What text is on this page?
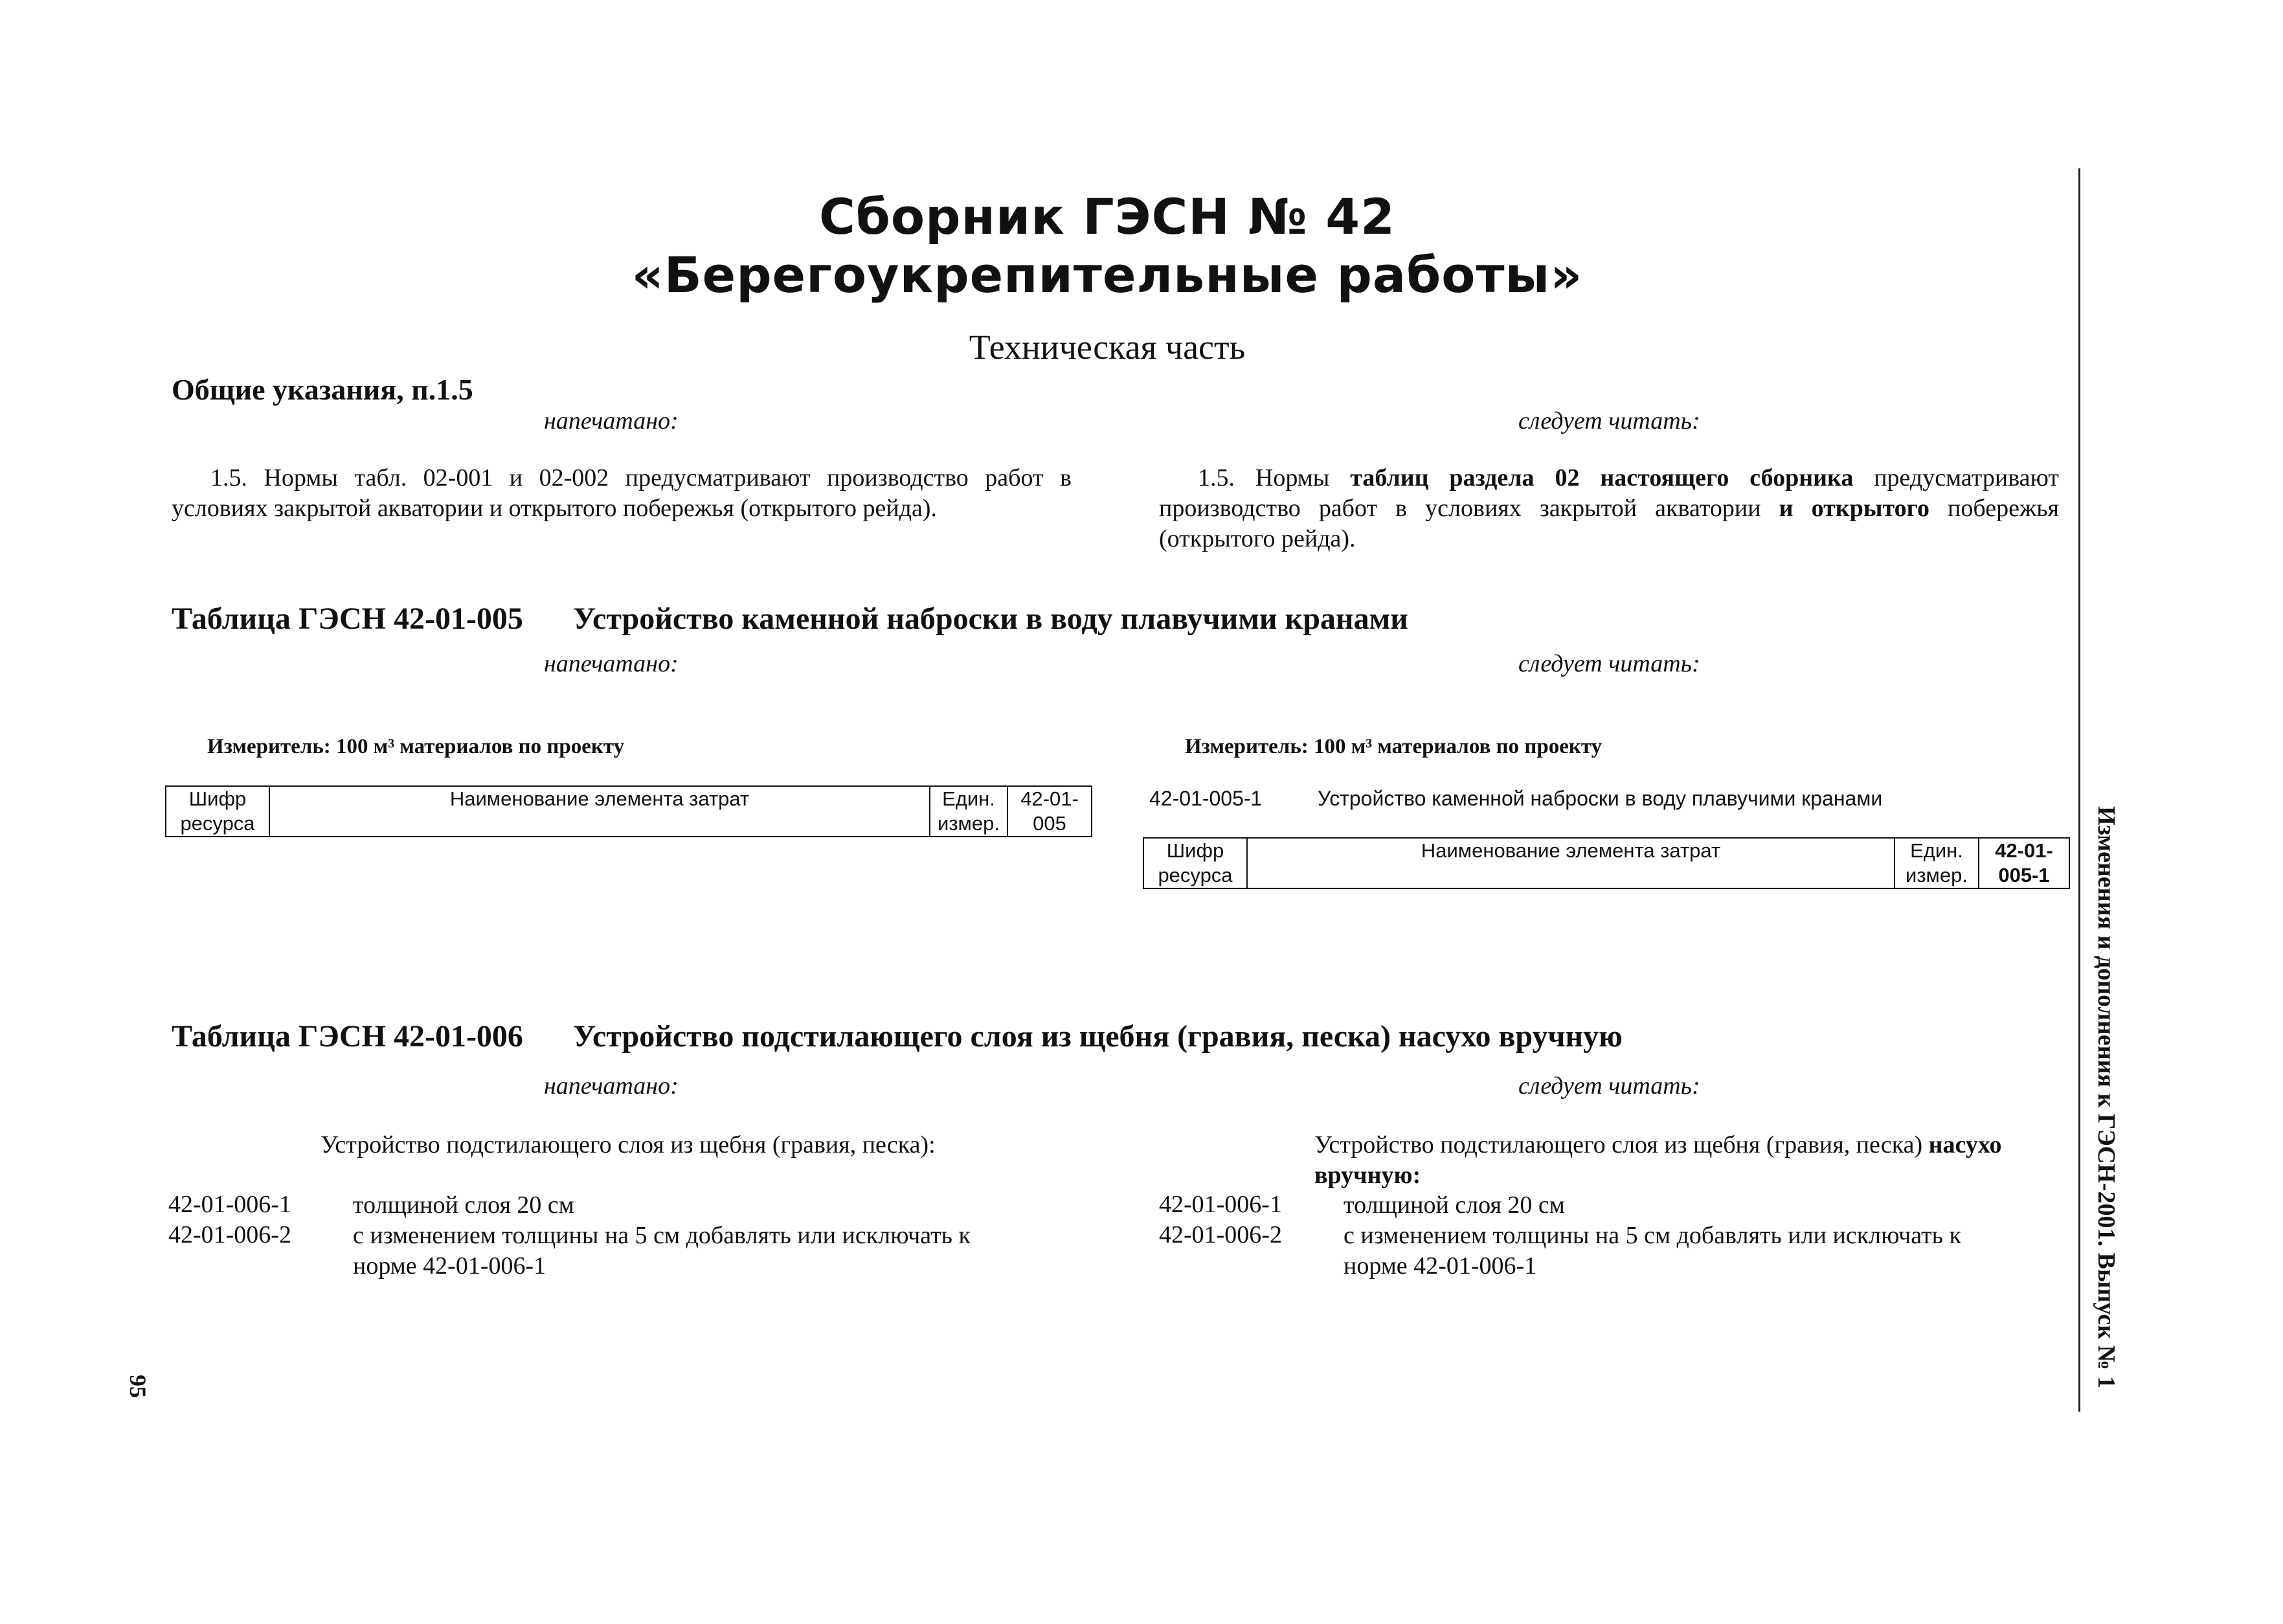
Сборник ГЭСН № 42
«Берегоукрепительные работы»
Техническая часть
Общие указания, п.1.5
напечатано:	следует читать:
1.5. Нормы табл. 02-001 и 02-002 предусматривают производство работ в условиях закрытой акватории и открытого побережья (открытого рейда).
1.5. Нормы таблиц раздела 02 настоящего сборника предусматривают производство работ в условиях закрытой акватории и открытого побережья (открытого рейда).
Таблица ГЭСН 42-01-005 Устройство каменной наброски в воду плавучими кранами
напечатано:	следует читать:
Измеритель: 100 м³ материалов по проекту	Измеритель: 100 м³ материалов по проекту
Шифр ресурса	Наименование элемента затрат	Един. измер.	42-01-005
42-01-005-1	Устройство каменной наброски в воду плавучими кранами
Шифр ресурса	Наименование элемента затрат	Един. измер.	42-01-005-1
Таблица ГЭСН 42-01-006 Устройство подстилающего слоя из щебня (гравия, песка) насухо вручную
напечатано:	следует читать:
Устройство подстилающего слоя из щебня (гравия, песка):	Устройство подстилающего слоя из щебня (гравия, песка) насухо вручную:
42-01-006-1	толщиной слоя 20 см
42-01-006-2	с изменением толщины на 5 см добавлять или исключать к норме 42-01-006-1
42-01-006-1	толщиной слоя 20 см
42-01-006-2	с изменением толщины на 5 см добавлять или исключать к норме 42-01-006-1	Изменения и дополнения к ГЭСН-2001. Выпуск № 1
95
